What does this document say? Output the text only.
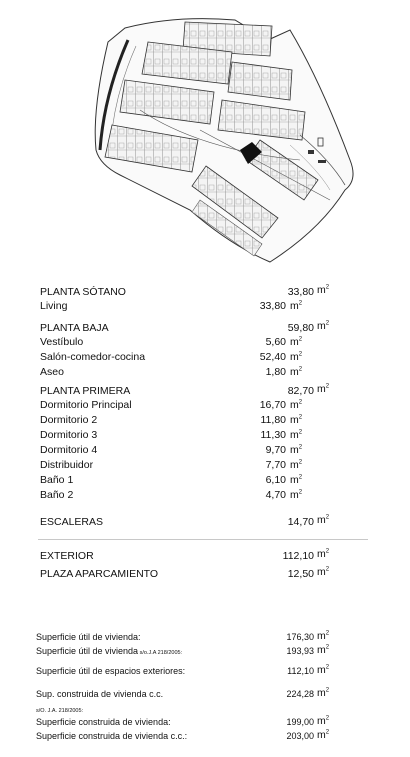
PLANTA SÓTANO	33,80 $m^2$
Living	33,80 $m^2$
PLANTA BAJA	59,80 $m^2$
Vestíbulo	5,60 $m^2$
Salón-comedor-cocina	52,40 $m^2$
Aseo	1,80 $m^2$
PLANTA PRIMERA	82,70 $m^2$
Dormitorio Principal	16,70 $m^2$
Dormitorio 2	11,80 $m^2$
Dormitorio 3	11,30 $m^2$
Dormitorio 4	9,70 $m^2$
Distribuidor	7,70 $m^2$
Baño 1	6,10 $m^2$
Baño 2	4,70 $m^2$
ESCALERAS	14,70 $m^2$
EXTERIOR	112,10 $m^2$
PLAZA APARCAMIENTO	12,50 $m^2$
Superficie útil de vivienda:	176,30 $m^2$
Superficie útil de vivienda s/o.J.A 218/2005:	193,93 $m^2$
Superficie útil de espacios exteriores:	112,10 $m^2$
Sup. construida de vivienda c.c.	224,28 $m^2$
s/O. J.A. 218/2005:
Superficie construida de vivienda:	199,00 $m^2$
Superficie construida de vivienda c.c.:	203,00 $m^2$
